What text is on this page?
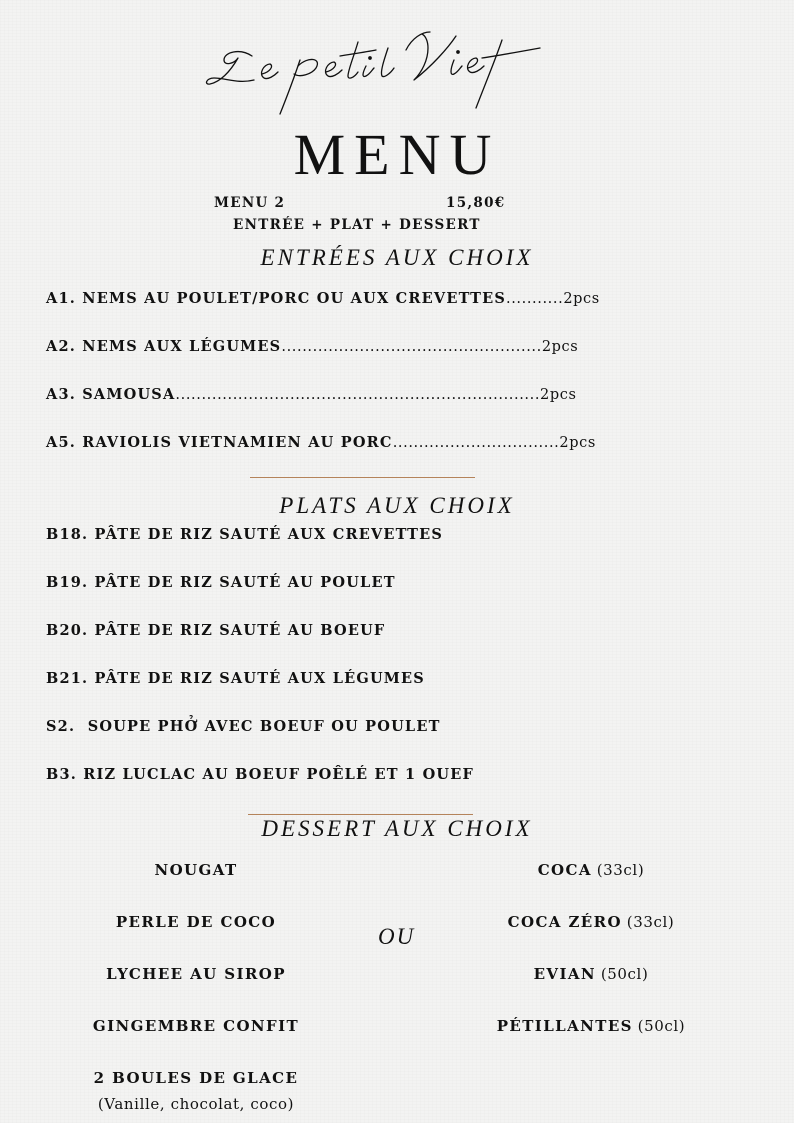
MENU
MENU 2	15,80€
ENTRÉE + PLAT + DESSERT
ENTRÉES AUX CHOIX
A1. NEMS AU POULET/PORC OU AUX CREVETTES...........2pcs
A2. NEMS AUX LÉGUMES..................................................2pcs
A3. SAMOUSA......................................................................2pcs
A5. RAVIOLIS VIETNAMIEN AU PORC................................2pcs
PLATS AUX CHOIX
B18. PÂTE DE RIZ SAUTÉ AUX CREVETTES
B19. PÂTE DE RIZ SAUTÉ AU POULET
B20. PÂTE DE RIZ SAUTÉ AU BOEUF
B21. PÂTE DE RIZ SAUTÉ AUX LÉGUMES
S2.  SOUPE PHỞ AVEC BOEUF OU POULET
B3. RIZ LUCLAC AU BOEUF POÊLÉ ET 1 OUEF
DESSERT AUX CHOIX
NOUGAT
PERLE DE COCO
LYCHEE AU SIROP
GINGEMBRE CONFIT
2 BOULES DE GLACE
(Vanille, chocolat, coco)
OU
COCA (33cl)
COCA ZÉRO (33cl)
EVIAN (50cl)
PÉTILLANTES (50cl)
